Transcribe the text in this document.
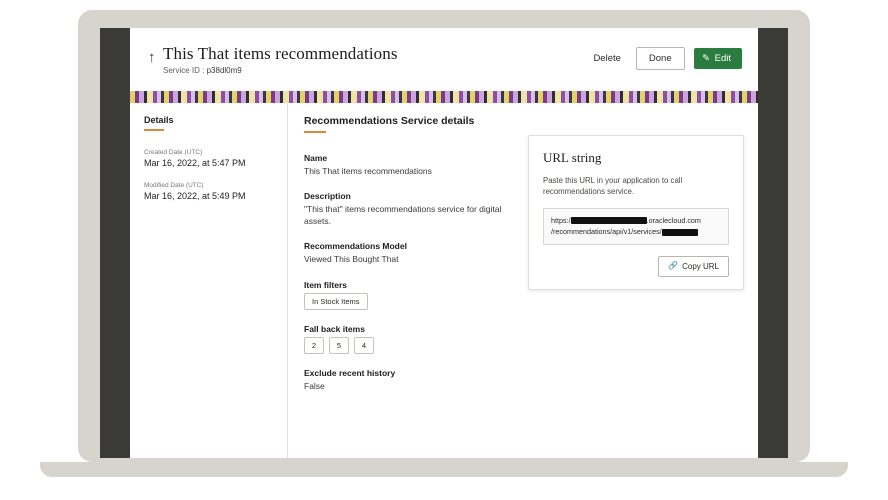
↑ This That items recommendations
Service ID : p38dl0m9
Delete	Done	✎ Edit
Details
Created Date (UTC)
Mar 16, 2022, at 5:47 PM
Modified Date (UTC)
Mar 16, 2022, at 5:49 PM
Recommendations Service details
Name
This That items recommendations
Description
"This that" items recommendations service for digital assets.
Recommendations Model
Viewed This Bought That
Item filters
In Stock Items
Fall back items
2	5	4
Exclude recent history
False
URL string
Paste this URL in your application to call recommendations service.
https:/	.oraclecloud.com
/recommendations/api/v1/services/
🔗 Copy URL
